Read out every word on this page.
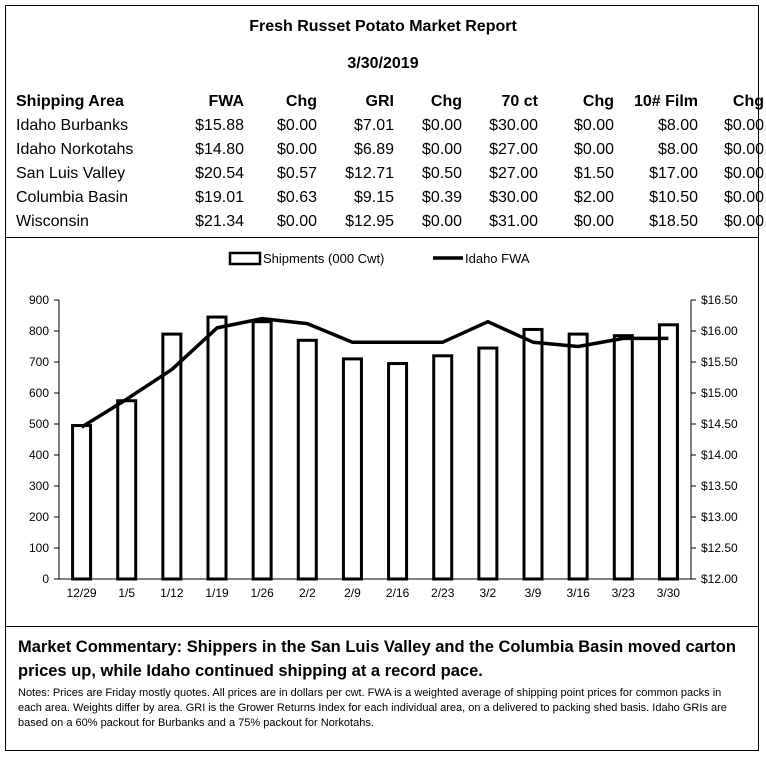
Fresh Russet Potato Market Report
3/30/2019
Shipping Area	FWA	Chg	GRI	Chg	70 ct	Chg	10# Film	Chg
Idaho Burbanks	$15.88	$0.00	$7.01	$0.00	$30.00	$0.00	$8.00	$0.00
Idaho Norkotahs	$14.80	$0.00	$6.89	$0.00	$27.00	$0.00	$8.00	$0.00
San Luis Valley	$20.54	$0.57	$12.71	$0.50	$27.00	$1.50	$17.00	$0.00
Columbia Basin	$19.01	$0.63	$9.15	$0.39	$30.00	$2.00	$10.50	$0.00
Wisconsin	$21.34	$0.00	$12.95	$0.00	$31.00	$0.00	$18.50	$0.00
0
100
200
300
400
500
600
700
800
900
$12.00
$12.50
$13.00
$13.50
$14.00
$14.50
$15.00
$15.50
$16.00
$16.50
12/29 1/5 1/12 1/19 1/26 2/2 2/9 2/16 2/23 3/2 3/9 3/16 3/23 3/30
Shipments (000 Cwt)	Idaho FWA
Market Commentary: Shippers in the San Luis Valley and the Columbia Basin moved carton prices up, while Idaho continued shipping at a record pace.
Notes: Prices are Friday mostly quotes. All prices are in dollars per cwt. FWA is a weighted average of shipping point prices for common packs in each area. Weights differ by area. GRI is the Grower Returns Index for each individual area, on a delivered to packing shed basis. Idaho GRIs are based on a 60% packout for Burbanks and a 75% packout for Norkotahs.
